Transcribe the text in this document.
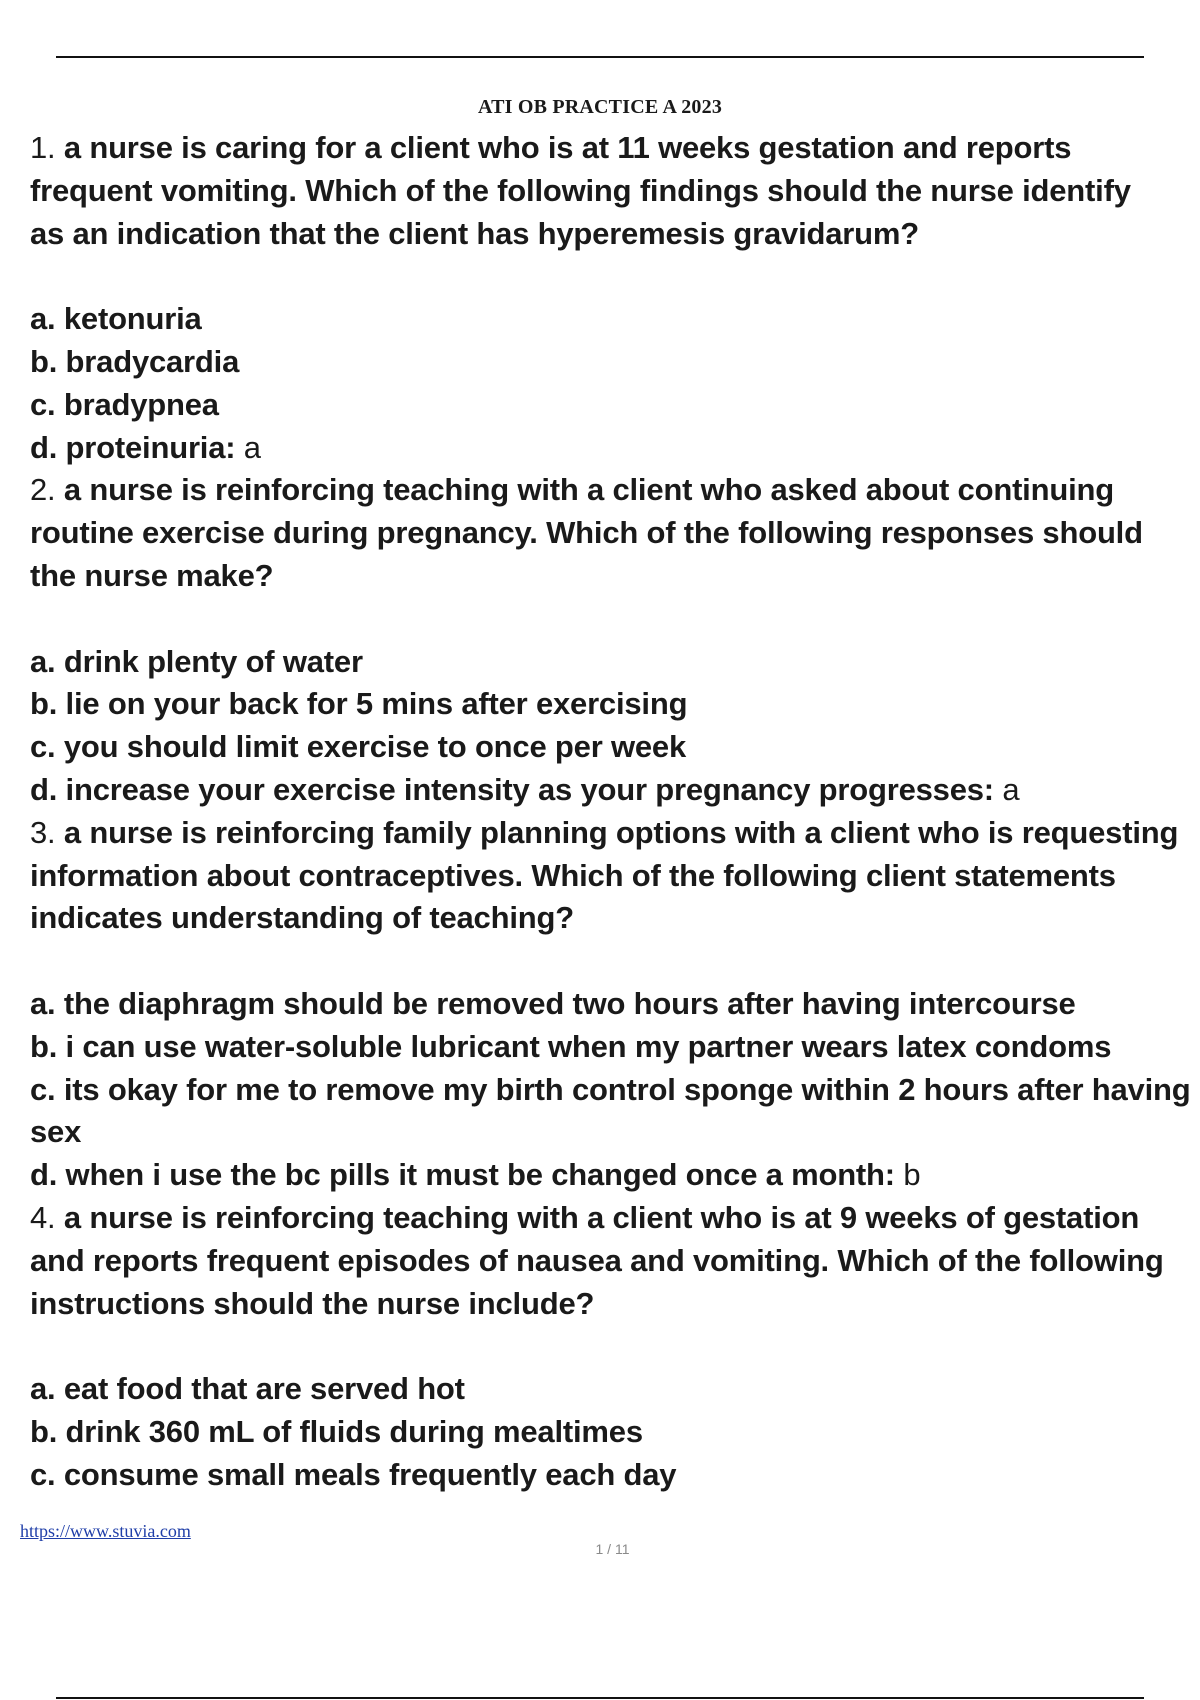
ATI OB PRACTICE A 2023
1. a nurse is caring for a client who is at 11 weeks gestation and reports
frequent vomiting. Which of the following findings should the nurse identify
as an indication that the client has hyperemesis gravidarum?
a. ketonuria
b. bradycardia
c. bradypnea
d. proteinuria: a
2. a nurse is reinforcing teaching with a client who asked about continuing
routine exercise during pregnancy. Which of the following responses should
the nurse make?
a. drink plenty of water
b. lie on your back for 5 mins after exercising
c. you should limit exercise to once per week
d. increase your exercise intensity as your pregnancy progresses: a
3. a nurse is reinforcing family planning options with a client who is requesting
information about contraceptives. Which of the following client statements
indicates understanding of teaching?
a. the diaphragm should be removed two hours after having intercourse
b. i can use water-soluble lubricant when my partner wears latex condoms
c. its okay for me to remove my birth control sponge within 2 hours after having
sex
d. when i use the bc pills it must be changed once a month: b
4. a nurse is reinforcing teaching with a client who is at 9 weeks of gestation
and reports frequent episodes of nausea and vomiting. Which of the following
instructions should the nurse include?
a. eat food that are served hot
b. drink 360 mL of fluids during mealtimes
c. consume small meals frequently each day
https://www.stuvia.com
1 / 11
